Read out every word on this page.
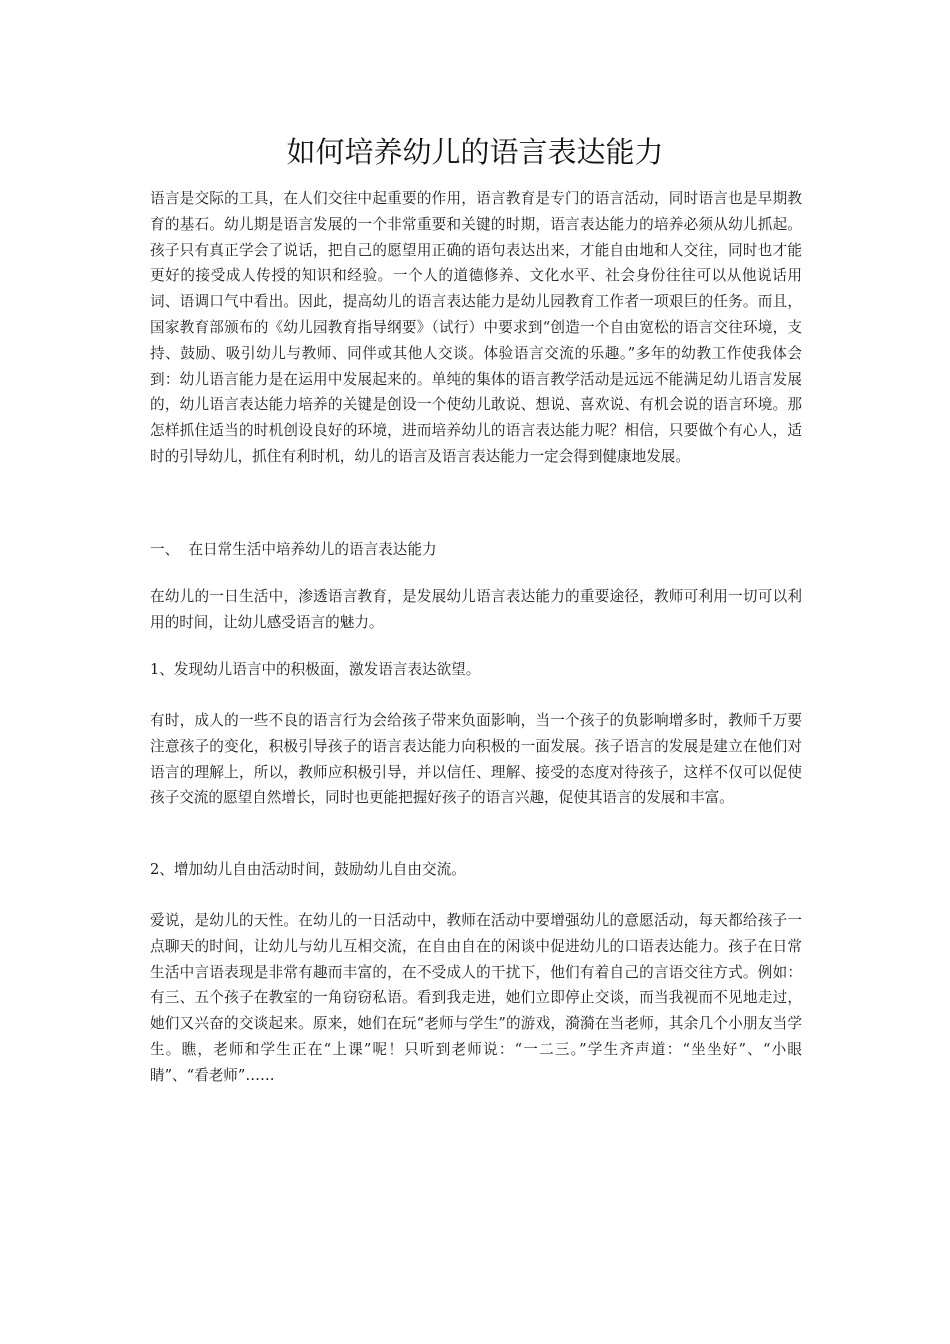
如何培养幼儿的语言表达能力

语言是交际的工具，在人们交往中起重要的作用，语言教育是专门的语言活动，同时语言也是早期教育的基石。幼儿期是语言发展的一个非常重要和关键的时期，语言表达能力的培养必须从幼儿抓起。孩子只有真正学会了说话，把自己的愿望用正确的语句表达出来，才能自由地和人交往，同时也才能更好的接受成人传授的知识和经验。一个人的道德修养、文化水平、社会身份往往可以从他说话用词、语调口气中看出。因此，提高幼儿的语言表达能力是幼儿园教育工作者一项艰巨的任务。而且，国家教育部颁布的《幼儿园教育指导纲要》（试行）中要求到“创造一个自由宽松的语言交往环境，支持、鼓励、吸引幼儿与教师、同伴或其他人交谈。体验语言交流的乐趣。”多年的幼教工作使我体会到：幼儿语言能力是在运用中发展起来的。单纯的集体的语言教学活动是远远不能满足幼儿语言发展的，幼儿语言表达能力培养的关键是创设一个使幼儿敢说、想说、喜欢说、有机会说的语言环境。那怎样抓住适当的时机创设良好的环境，进而培养幼儿的语言表达能力呢？相信，只要做个有心人，适时的引导幼儿，抓住有利时机，幼儿的语言及语言表达能力一定会得到健康地发展。

一、  在日常生活中培养幼儿的语言表达能力

在幼儿的一日生活中，渗透语言教育，是发展幼儿语言表达能力的重要途径，教师可利用一切可以利用的时间，让幼儿感受语言的魅力。

1、发现幼儿语言中的积极面，激发语言表达欲望。

有时，成人的一些不良的语言行为会给孩子带来负面影响，当一个孩子的负影响增多时，教师千万要注意孩子的变化，积极引导孩子的语言表达能力向积极的一面发展。孩子语言的发展是建立在他们对语言的理解上，所以，教师应积极引导，并以信任、理解、接受的态度对待孩子，这样不仅可以促使孩子交流的愿望自然增长，同时也更能把握好孩子的语言兴趣，促使其语言的发展和丰富。

2、增加幼儿自由活动时间，鼓励幼儿自由交流。

爱说，是幼儿的天性。在幼儿的一日活动中，教师在活动中要增强幼儿的意愿活动，每天都给孩子一点聊天的时间，让幼儿与幼儿互相交流，在自由自在的闲谈中促进幼儿的口语表达能力。孩子在日常生活中言语表现是非常有趣而丰富的，在不受成人的干扰下，他们有着自己的言语交往方式。例如：有三、五个孩子在教室的一角窃窃私语。看到我走进，她们立即停止交谈，而当我视而不见地走过，她们又兴奋的交谈起来。原来，她们在玩“老师与学生”的游戏，漪漪在当老师，其余几个小朋友当学生。瞧，老师和学生正在“上课”呢！只听到老师说：“一二三。”学生齐声道：“坐坐好”、“小眼睛”、“看老师”……
